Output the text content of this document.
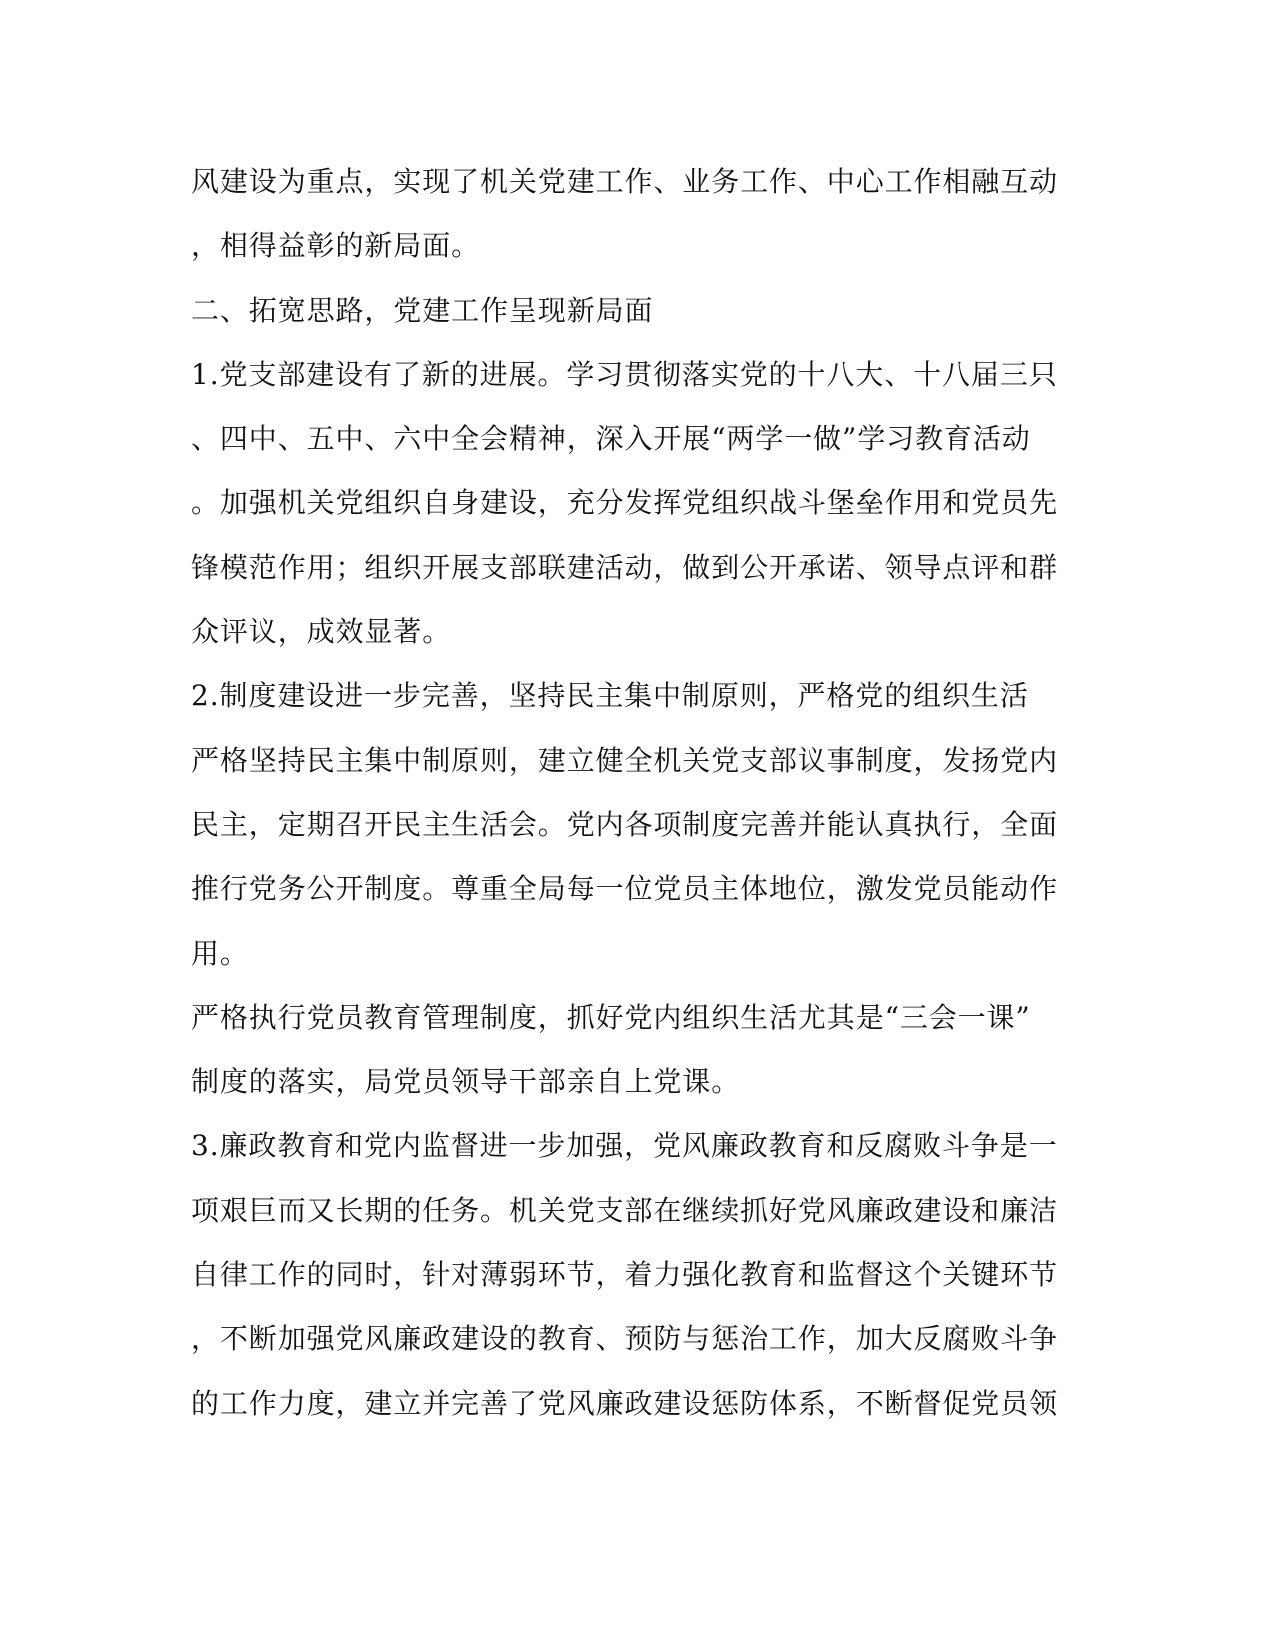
风建设为重点，实现了机关党建工作、业务工作、中心工作相融互动
，相得益彰的新局面。
二、拓宽思路，党建工作呈现新局面
1.党支部建设有了新的进展。学习贯彻落实党的十八大、十八届三只
、四中、五中、六中全会精神，深入开展“两学一做”学习教育活动
。加强机关党组织自身建设，充分发挥党组织战斗堡垒作用和党员先
锋模范作用；组织开展支部联建活动，做到公开承诺、领导点评和群
众评议，成效显著。
2.制度建设进一步完善，坚持民主集中制原则，严格党的组织生活
严格坚持民主集中制原则，建立健全机关党支部议事制度，发扬党内
民主，定期召开民主生活会。党内各项制度完善并能认真执行，全面
推行党务公开制度。尊重全局每一位党员主体地位，激发党员能动作
用。
严格执行党员教育管理制度，抓好党内组织生活尤其是“三会一课”
制度的落实，局党员领导干部亲自上党课。
3.廉政教育和党内监督进一步加强，党风廉政教育和反腐败斗争是一
项艰巨而又长期的任务。机关党支部在继续抓好党风廉政建设和廉洁
自律工作的同时，针对薄弱环节，着力强化教育和监督这个关键环节
，不断加强党风廉政建设的教育、预防与惩治工作，加大反腐败斗争
的工作力度，建立并完善了党风廉政建设惩防体系，不断督促党员领
